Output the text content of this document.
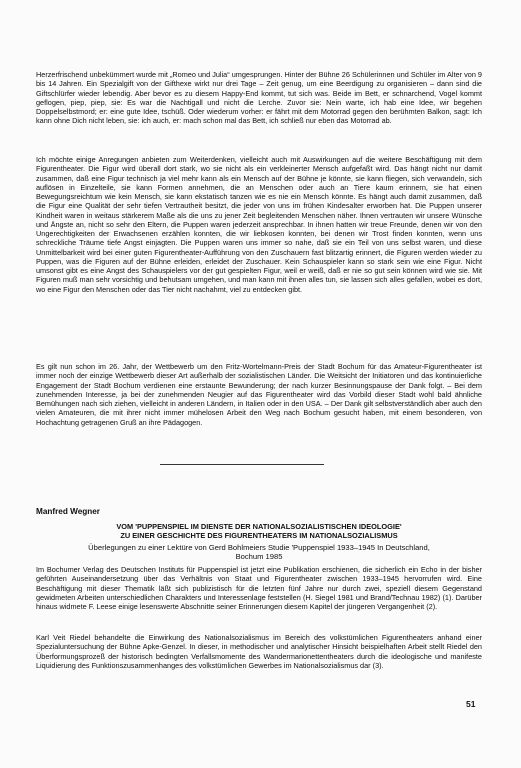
Herzerfrischend unbekümmert wurde mit „Romeo und Julia“ umgesprungen. Hinter der Bühne 26 Schülerinnen und Schüler im Alter von 9 bis 14 Jahren. Ein Spezialgift von der Gifthexe wirkt nur drei Tage – Zeit genug, um eine Beerdigung zu organisieren – dann sind die Giftschlürfer wieder lebendig. Aber bevor es zu diesem Happy-End kommt, tut sich was. Beide im Bett, er schnarchend, Vogel kommt geflogen, piep, piep, sie: Es war die Nachtigall und nicht die Lerche. Zuvor sie: Nein warte, ich hab eine Idee, wir begehen Doppelselbstmord; er: eine gute Idee, tschüß. Oder wiederum vorher: er fährt mit dem Motorrad gegen den berühmten Balkon, sagt: Ich kann ohne Dich nicht leben, sie: ich auch, er: mach schon mal das Bett, ich schließ nur eben das Motorrad ab.

Ich möchte einige Anregungen anbieten zum Weiterdenken, vielleicht auch mit Auswirkungen auf die weitere Beschäftigung mit dem Figurentheater. Die Figur wird überall dort stark, wo sie nicht als ein verkleinerter Mensch aufgefaßt wird. Das hängt nicht nur damit zusammen, daß eine Figur technisch ja viel mehr kann als ein Mensch auf der Bühne je könnte, sie kann fliegen, sich verwandeln, sich auflösen in Einzelteile, sie kann Formen annehmen, die an Menschen oder auch an Tiere kaum erinnern, sie hat einen Bewegungsreichtum wie kein Mensch, sie kann ekstatisch tanzen wie es nie ein Mensch könnte. Es hängt auch damit zusammen, daß die Figur eine Qualität der sehr tiefen Vertrautheit besitzt, die jeder von uns im frühen Kindesalter erworben hat. Die Puppen unserer Kindheit waren in weitaus stärkerem Maße als die uns zu jener Zeit begleitenden Menschen näher. Ihnen vertrauten wir unsere Wünsche und Ängste an, nicht so sehr den Eltern, die Puppen waren jederzeit ansprechbar. In ihnen hatten wir treue Freunde, denen wir von den Ungerechtigkeiten der Erwachsenen erzählen konnten, die wir liebkosen konnten, bei denen wir Trost finden konnten, wenn uns schreckliche Träume tiefe Angst einjagten. Die Puppen waren uns immer so nahe, daß sie ein Teil von uns selbst waren, und diese Unmittelbarkeit wird bei einer guten Figurentheater-Aufführung von den Zuschauern fast blitzartig erinnert, die Figuren werden wieder zu Puppen, was die Figuren auf der Bühne erleiden, erleidet der Zuschauer. Kein Schauspieler kann so stark sein wie eine Figur. Nicht umsonst gibt es eine Angst des Schauspielers vor der gut gespielten Figur, weil er weiß, daß er nie so gut sein können wird wie sie. Mit Figuren muß man sehr vorsichtig und behutsam umgehen, und man kann mit ihnen alles tun, sie lassen sich alles gefallen, wobei es dort, wo eine Figur den Menschen oder das Tier nicht nachahmt, viel zu entdecken gibt.

Es gilt nun schon im 26. Jahr, der Wettbewerb um den Fritz-Wortelmann-Preis der Stadt Bochum für das Amateur-Figurentheater ist immer noch der einzige Wettbewerb dieser Art außerhalb der sozialistischen Länder. Die Weitsicht der Initiatoren und das kontinuierliche Engagement der Stadt Bochum verdienen eine erstaunte Bewunderung; der nach kurzer Besinnungspause der Dank folgt. – Bei dem zunehmenden Interesse, ja bei der zunehmenden Neugier auf das Figurentheater wird das Vorbild dieser Stadt wohl bald ähnliche Bemühungen nach sich ziehen, vielleicht in anderen Ländern, in Italien oder in den USA. – Der Dank gilt selbstverständlich aber auch den vielen Amateuren, die mit ihrer nicht immer mühelosen Arbeit den Weg nach Bochum gesucht haben, mit einem besonderen, von Hochachtung getragenen Gruß an ihre Pädagogen.

Manfred Wegner

VOM 'PUPPENSPIEL IM DIENSTE DER NATIONALSOZIALISTISCHEN IDEOLOGIE'

ZU EINER GESCHICHTE DES FIGURENTHEATERS IM NATIONALSOZIALISMUS

Überlegungen zu einer Lektüre von Gerd Bohlmeiers Studie 'Puppenspiel 1933–1945 In Deutschland,

Bochum 1985

Im Bochumer Verlag des Deutschen Instituts für Puppenspiel ist jetzt eine Publikation erschienen, die sicherlich ein Echo in der bisher geführten Auseinandersetzung über das Verhältnis von Staat und Figurentheater zwischen 1933–1945 hervorrufen wird. Eine Beschäftigung mit dieser Thematik läßt sich publizistisch für die letzten fünf Jahre nur durch zwei, speziell diesem Gegenstand gewidmeten Arbeiten unterschiedlichen Charakters und Interessenlage feststellen (H. Siegel 1981 und Brand/Technau 1982) (1). Darüber hinaus widmete F. Leese einige lesenswerte Abschnitte seiner Erinnerungen diesem Kapitel der jüngeren Vergangenheit (2).

Karl Veit Riedel behandelte die Einwirkung des Nationalsozialismus im Bereich des volkstümlichen Figurentheaters anhand einer Spezialuntersuchung der Bühne Apke-Genzel. In dieser, in methodischer und analytischer Hinsicht beispielhaften Arbeit stellt Riedel den Überformungsprozeß der historisch bedingten Verfallsmomente des Wandermarionettentheaters durch die ideologische und manifeste Liquidierung des Funktionszusammenhanges des volkstümlichen Gewerbes im Nationalsozialismus dar (3).

51
